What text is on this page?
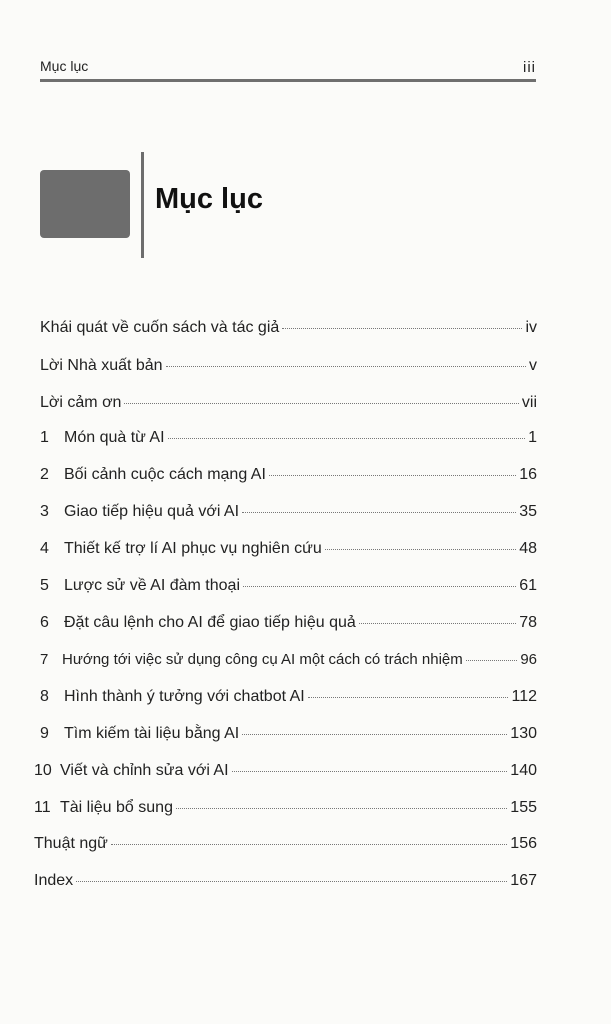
Mục lục	iii
Mục lục
Khái quát về cuốn sách và tác giả	iv
Lời Nhà xuất bản	v
Lời cảm ơn	vii
1 Món quà từ AI	1
2 Bối cảnh cuộc cách mạng AI	16
3 Giao tiếp hiệu quả với AI	35
4 Thiết kế trợ lí AI phục vụ nghiên cứu	48
5 Lược sử về AI đàm thoại	61
6 Đặt câu lệnh cho AI để giao tiếp hiệu quả	78
7 Hướng tới việc sử dụng công cụ AI một cách có trách nhiệm	96
8 Hình thành ý tưởng với chatbot AI	112
9 Tìm kiếm tài liệu bằng AI	130
10 Viết và chỉnh sửa với AI	140
11 Tài liệu bổ sung	155
Thuật ngữ	156
Index	167
